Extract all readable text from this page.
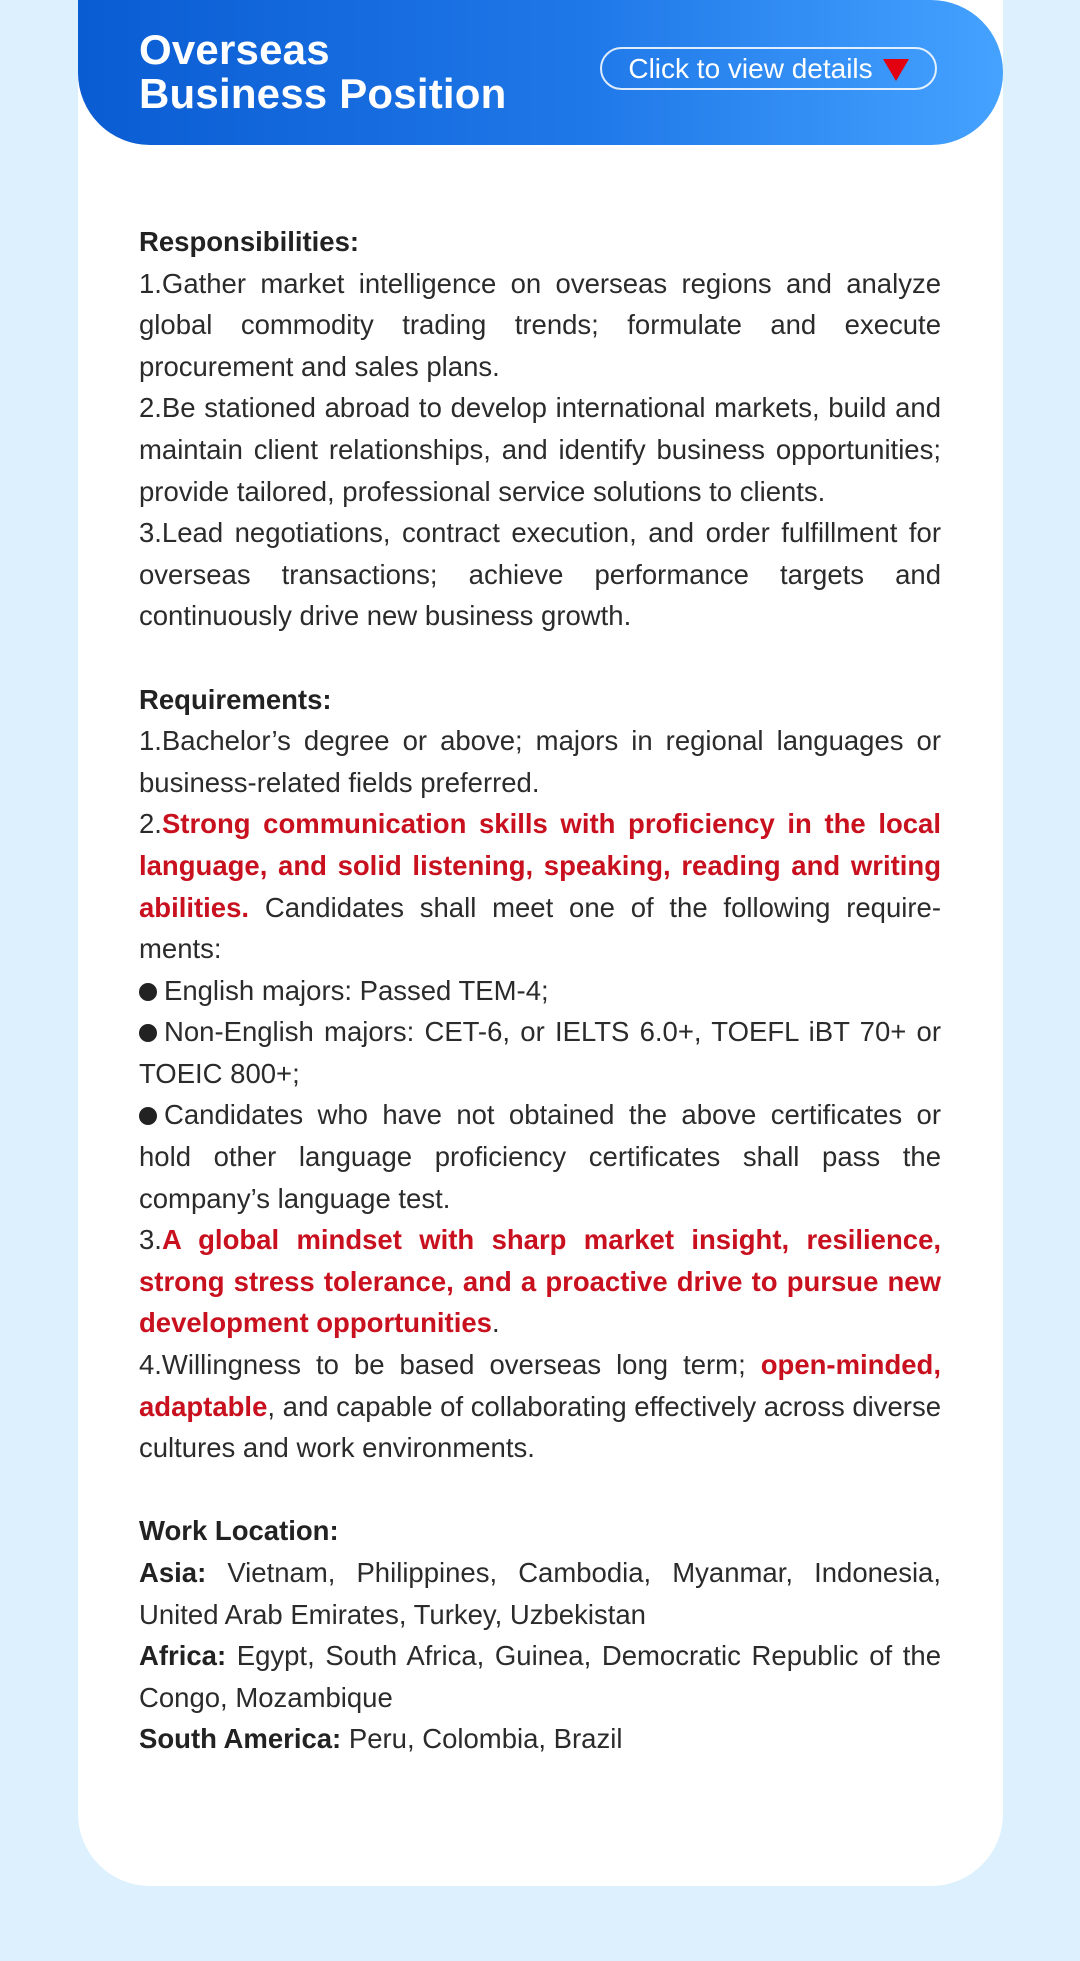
Overseas
Business Position
Click to view details

Responsibilities:

1.Gather market intelligence on overseas regions and analyze global commodity trading trends; formulate and execute procurement and sales plans.

2.Be stationed abroad to develop international markets, build and maintain client relationships, and identify business opportunities; provide tailored, professional service solutions to clients.

3.Lead negotiations, contract execution, and order fulfillment for overseas transactions; achieve performance targets and continuously drive new business growth.

Requirements:

1.Bachelor’s degree or above; majors in regional languages or business-related fields preferred.

2.Strong communication skills with proficiency in the local language, and solid listening, speaking, reading and writing abilities. Candidates shall meet one of the following require-ments:

English majors: Passed TEM-4;

Non-English majors: CET-6, or IELTS 6.0+, TOEFL iBT 70+ or TOEIC 800+;

Candidates who have not obtained the above certificates or hold other language proficiency certificates shall pass the company’s language test.

3.A global mindset with sharp market insight, resilience, strong stress tolerance, and a proactive drive to pursue new development opportunities.

4.Willingness to be based overseas long term; open-minded, adaptable, and capable of collaborating effectively across diverse cultures and work environments.

Work Location:

Asia: Vietnam, Philippines, Cambodia, Myanmar, Indonesia, United Arab Emirates, Turkey, Uzbekistan

Africa: Egypt, South Africa, Guinea, Democratic Republic of the Congo, Mozambique

South America: Peru, Colombia, Brazil
